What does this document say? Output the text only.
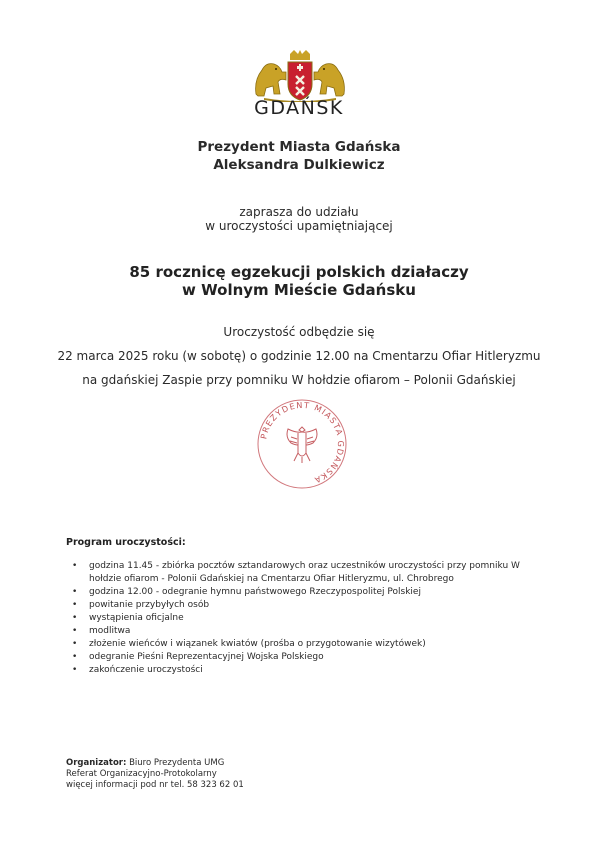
GDAŃSK
Prezydent Miasta Gdańska
Aleksandra Dulkiewicz
zaprasza do udziału
w uroczystości upamiętniającej
85 rocznicę egzekucji polskich działaczy
w Wolnym Mieście Gdańsku
Uroczystość odbędzie się
22 marca 2025 roku (w sobotę) o godzinie 12.00 na Cmentarzu Ofiar Hitleryzmu
na gdańskiej Zaspie przy pomniku W hołdzie ofiarom – Polonii Gdańskiej
PREZYDENT MIASTA GDAŃSKA
Program uroczystości:
• godzina 11.45 - zbiórka pocztów sztandarowych oraz uczestników uroczystości przy pomniku W hołdzie ofiarom - Polonii Gdańskiej na Cmentarzu Ofiar Hitleryzmu, ul. Chrobrego
• godzina 12.00 - odegranie hymnu państwowego Rzeczypospolitej Polskiej
• powitanie przybyłych osób
• wystąpienia oficjalne
• modlitwa
• złożenie wieńców i wiązanek kwiatów (prośba o przygotowanie wizytówek)
• odegranie Pieśni Reprezentacyjnej Wojska Polskiego
• zakończenie uroczystości
Organizator: Biuro Prezydenta UMG
Referat Organizacyjno-Protokolarny
więcej informacji pod nr tel. 58 323 62 01
